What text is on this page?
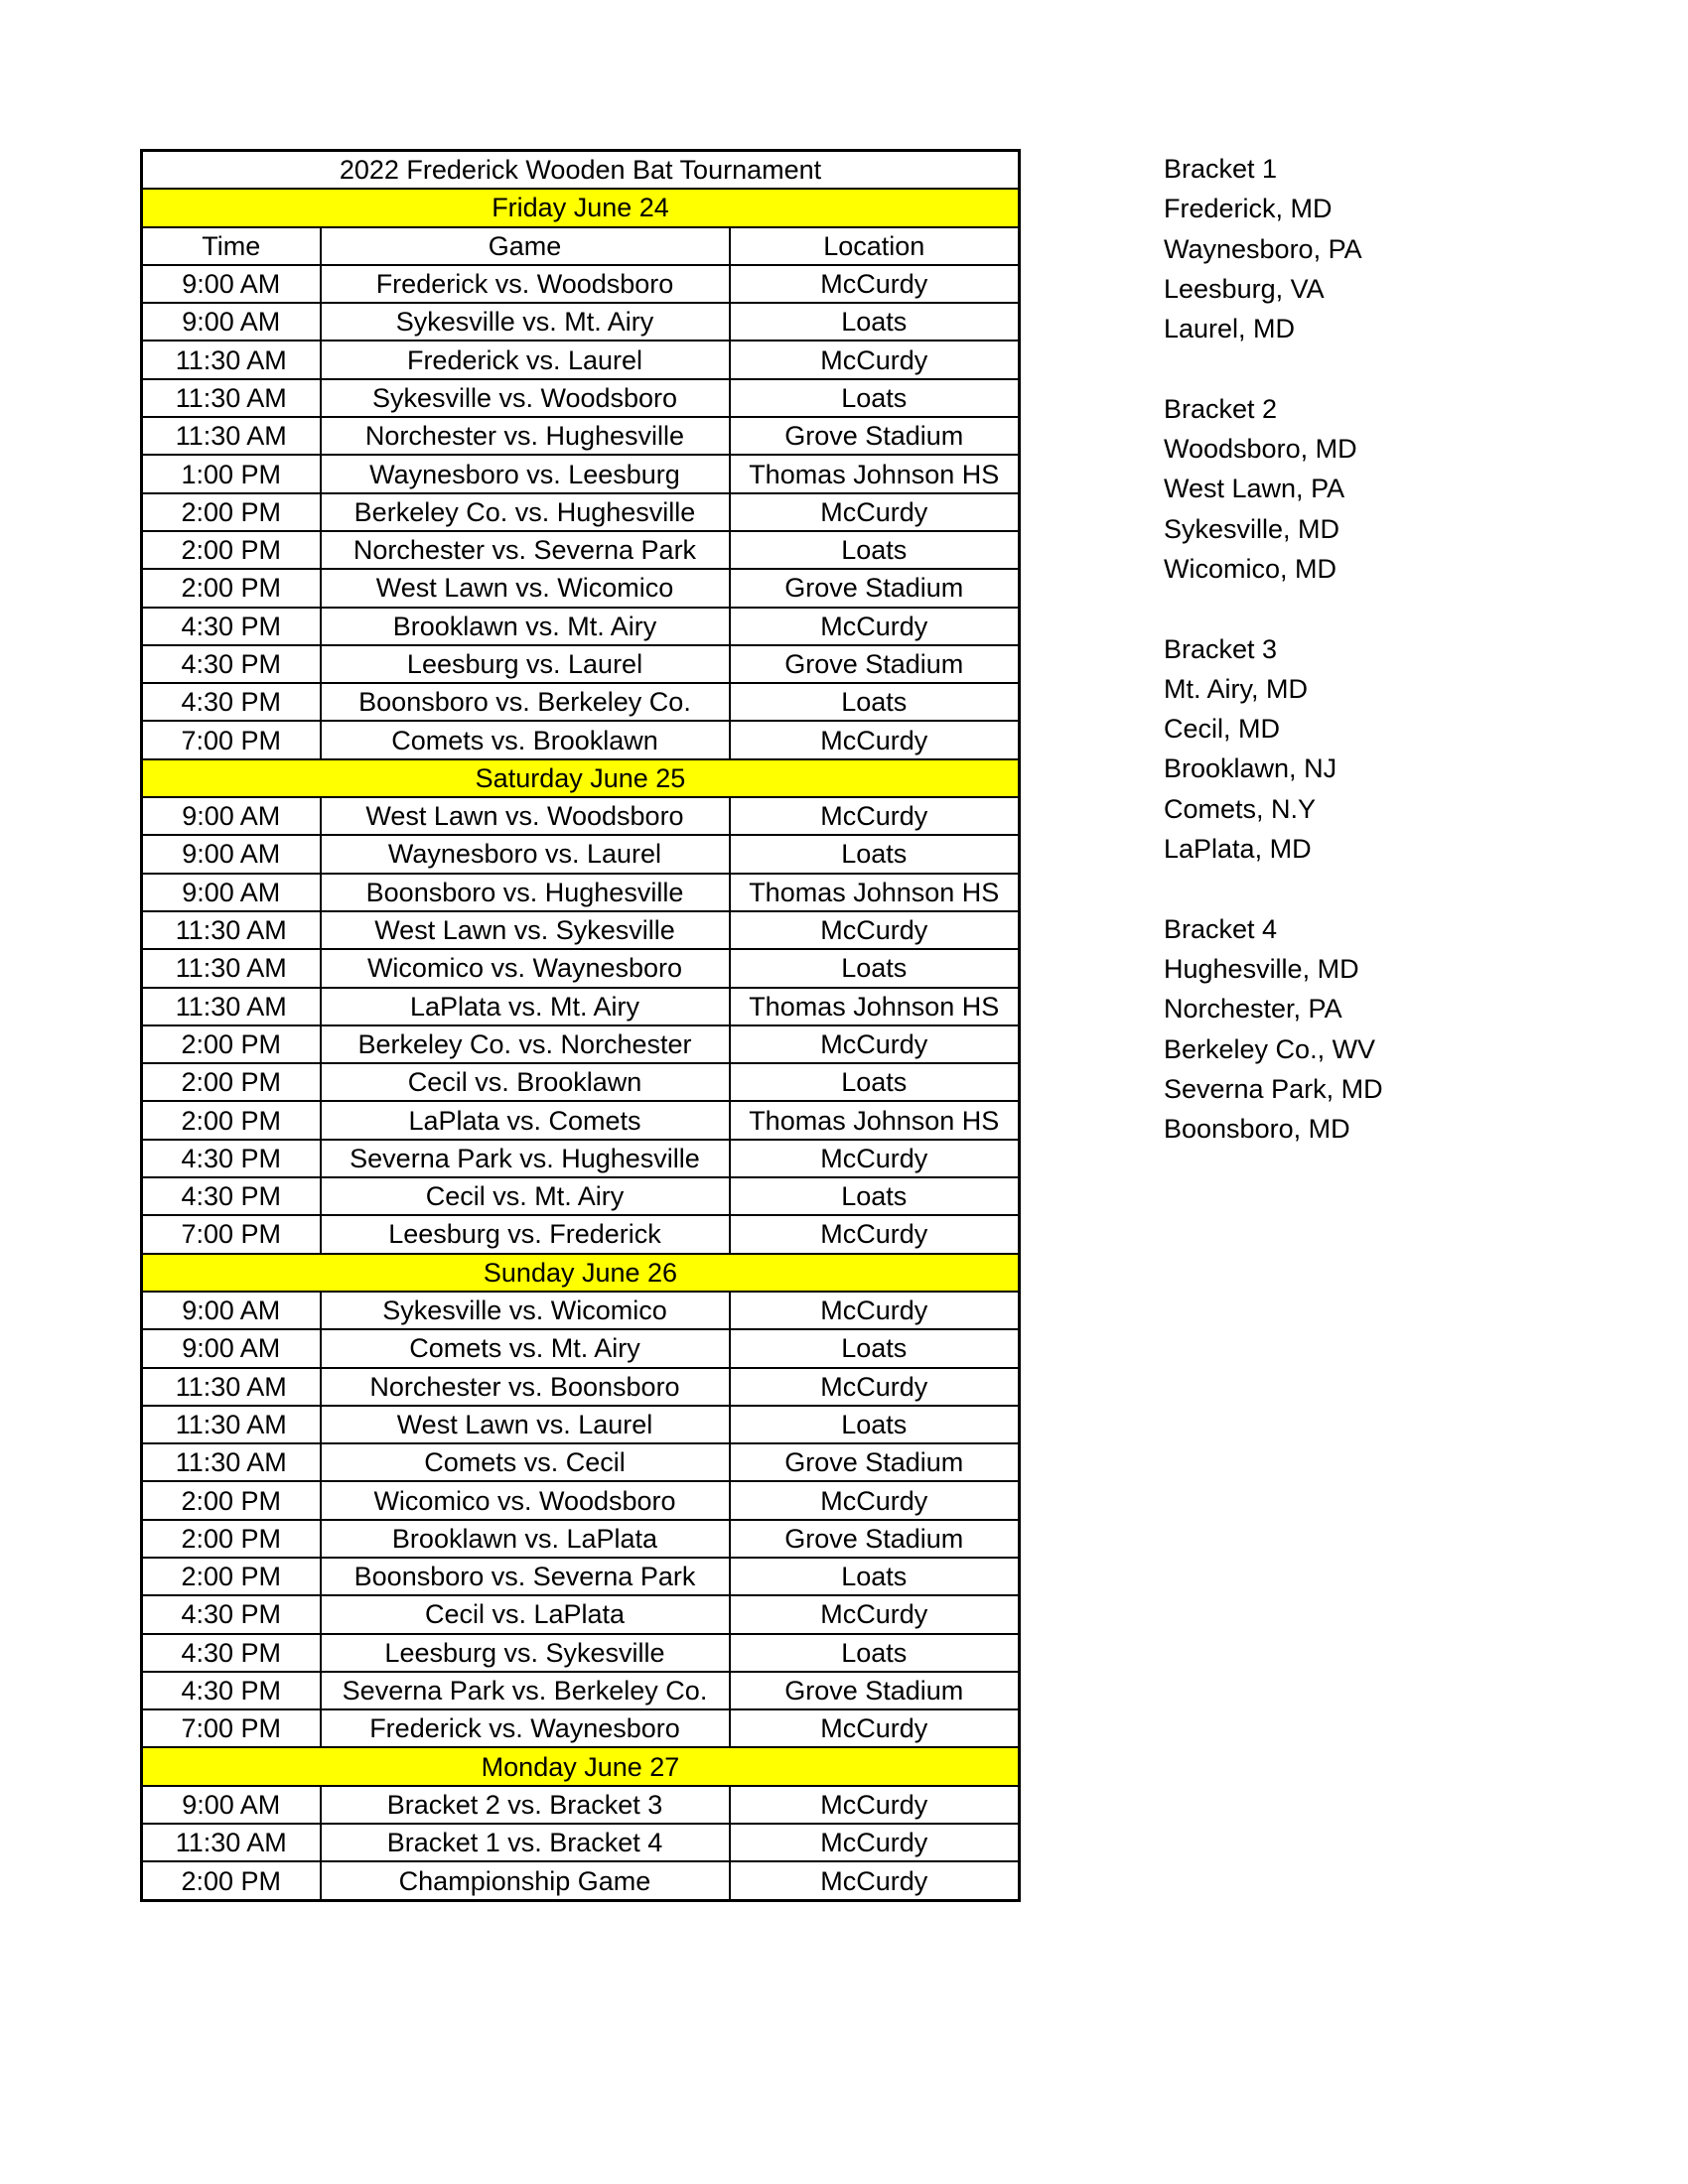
2022 Frederick Wooden Bat Tournament		
Friday June 24		
Time	Game	Location
9:00 AM	Frederick vs. Woodsboro	McCurdy
9:00 AM	Sykesville vs. Mt. Airy	Loats
11:30 AM	Frederick vs. Laurel	McCurdy
11:30 AM	Sykesville vs. Woodsboro	Loats
11:30 AM	Norchester vs. Hughesville	Grove Stadium
1:00 PM	Waynesboro vs. Leesburg	Thomas Johnson HS
2:00 PM	Berkeley Co. vs. Hughesville	McCurdy
2:00 PM	Norchester vs. Severna Park	Loats
2:00 PM	West Lawn vs. Wicomico	Grove Stadium
4:30 PM	Brooklawn vs. Mt. Airy	McCurdy
4:30 PM	Leesburg vs. Laurel	Grove Stadium
4:30 PM	Boonsboro vs. Berkeley Co.	Loats
7:00 PM	Comets vs. Brooklawn	McCurdy
Saturday June 25		
9:00 AM	West Lawn vs. Woodsboro	McCurdy
9:00 AM	Waynesboro vs. Laurel	Loats
9:00 AM	Boonsboro vs. Hughesville	Thomas Johnson HS
11:30 AM	West Lawn vs. Sykesville	McCurdy
11:30 AM	Wicomico vs. Waynesboro	Loats
11:30 AM	LaPlata vs. Mt. Airy	Thomas Johnson HS
2:00 PM	Berkeley Co. vs. Norchester	McCurdy
2:00 PM	Cecil vs. Brooklawn	Loats
2:00 PM	LaPlata vs. Comets	Thomas Johnson HS
4:30 PM	Severna Park vs. Hughesville	McCurdy
4:30 PM	Cecil vs. Mt. Airy	Loats
7:00 PM	Leesburg vs. Frederick	McCurdy
Sunday June 26		
9:00 AM	Sykesville vs. Wicomico	McCurdy
9:00 AM	Comets vs. Mt. Airy	Loats
11:30 AM	Norchester vs. Boonsboro	McCurdy
11:30 AM	West Lawn vs. Laurel	Loats
11:30 AM	Comets vs. Cecil	Grove Stadium
2:00 PM	Wicomico vs. Woodsboro	McCurdy
2:00 PM	Brooklawn vs. LaPlata	Grove Stadium
2:00 PM	Boonsboro vs. Severna Park	Loats
4:30 PM	Cecil vs. LaPlata	McCurdy
4:30 PM	Leesburg vs. Sykesville	Loats
4:30 PM	Severna Park vs. Berkeley Co.	Grove Stadium
7:00 PM	Frederick vs. Waynesboro	McCurdy
Monday June 27		
9:00 AM	Bracket 2 vs. Bracket 3	McCurdy
11:30 AM	Bracket 1 vs. Bracket 4	McCurdy
2:00 PM	Championship Game	McCurdy
Bracket 1
Frederick, MD
Waynesboro, PA
Leesburg, VA
Laurel, MD
Bracket 2
Woodsboro, MD
West Lawn, PA
Sykesville, MD
Wicomico, MD
Bracket 3
Mt. Airy, MD
Cecil, MD
Brooklawn, NJ
Comets, N.Y
LaPlata, MD
Bracket 4
Hughesville, MD
Norchester, PA
Berkeley Co., WV
Severna Park, MD
Boonsboro, MD
